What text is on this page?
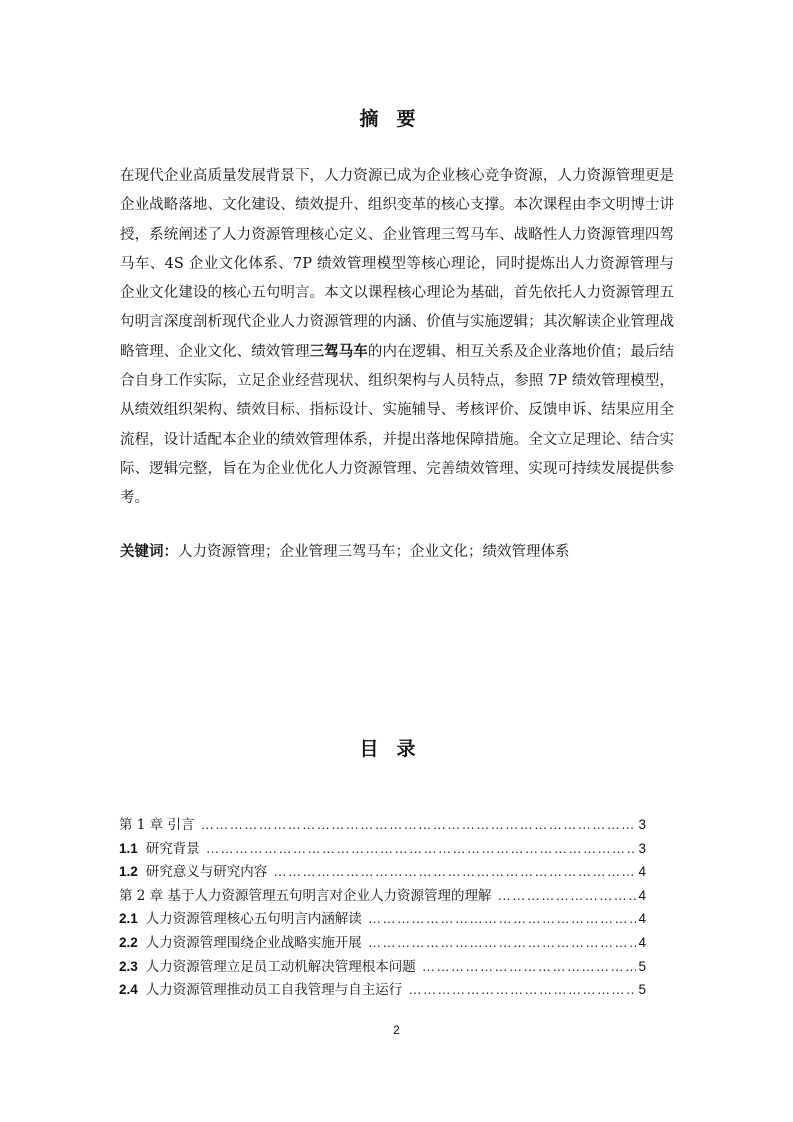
摘要
在现代企业高质量发展背景下，人力资源已成为企业核心竞争资源，人力资源管理更是企业战略落地、文化建设、绩效提升、组织变革的核心支撑。本次课程由李文明博士讲授，系统阐述了人力资源管理核心定义、企业管理三驾马车、战略性人力资源管理四驾马车、4S 企业文化体系、7P 绩效管理模型等核心理论，同时提炼出人力资源管理与企业文化建设的核心五句明言。本文以课程核心理论为基础，首先依托人力资源管理五句明言深度剖析现代企业人力资源管理的内涵、价值与实施逻辑；其次解读企业管理战略管理、企业文化、绩效管理三驾马车的内在逻辑、相互关系及企业落地价值；最后结合自身工作实际，立足企业经营现状、组织架构与人员特点，参照 7P 绩效管理模型，从绩效组织架构、绩效目标、指标设计、实施辅导、考核评价、反馈申诉、结果应用全流程，设计适配本企业的绩效管理体系，并提出落地保障措施。全文立足理论、结合实际、逻辑完整，旨在为企业优化人力资源管理、完善绩效管理、实现可持续发展提供参考。
关键词：人力资源管理；企业管理三驾马车；企业文化；绩效管理体系
目录
第 1 章 引言 ……………………………………………………………………………………………………………	3
1.1 研究背景 ……………………………………………………………………………………………………………	3
1.2 研究意义与研究内容 ……………………………………………………………………………………………………………	4
第 2 章 基于人力资源管理五句明言对企业人力资源管理的理解 ……………………………………………………………………………………………………………	4
2.1 人力资源管理核心五句明言内涵解读 ……………………………………………………………………………………………………………	4
2.2 人力资源管理围绕企业战略实施开展 ……………………………………………………………………………………………………………	4
2.3 人力资源管理立足员工动机解决管理根本问题 ……………………………………………………………………………………………………………	5
2.4 人力资源管理推动员工自我管理与自主运行 ……………………………………………………………………………………………………………	5
2
